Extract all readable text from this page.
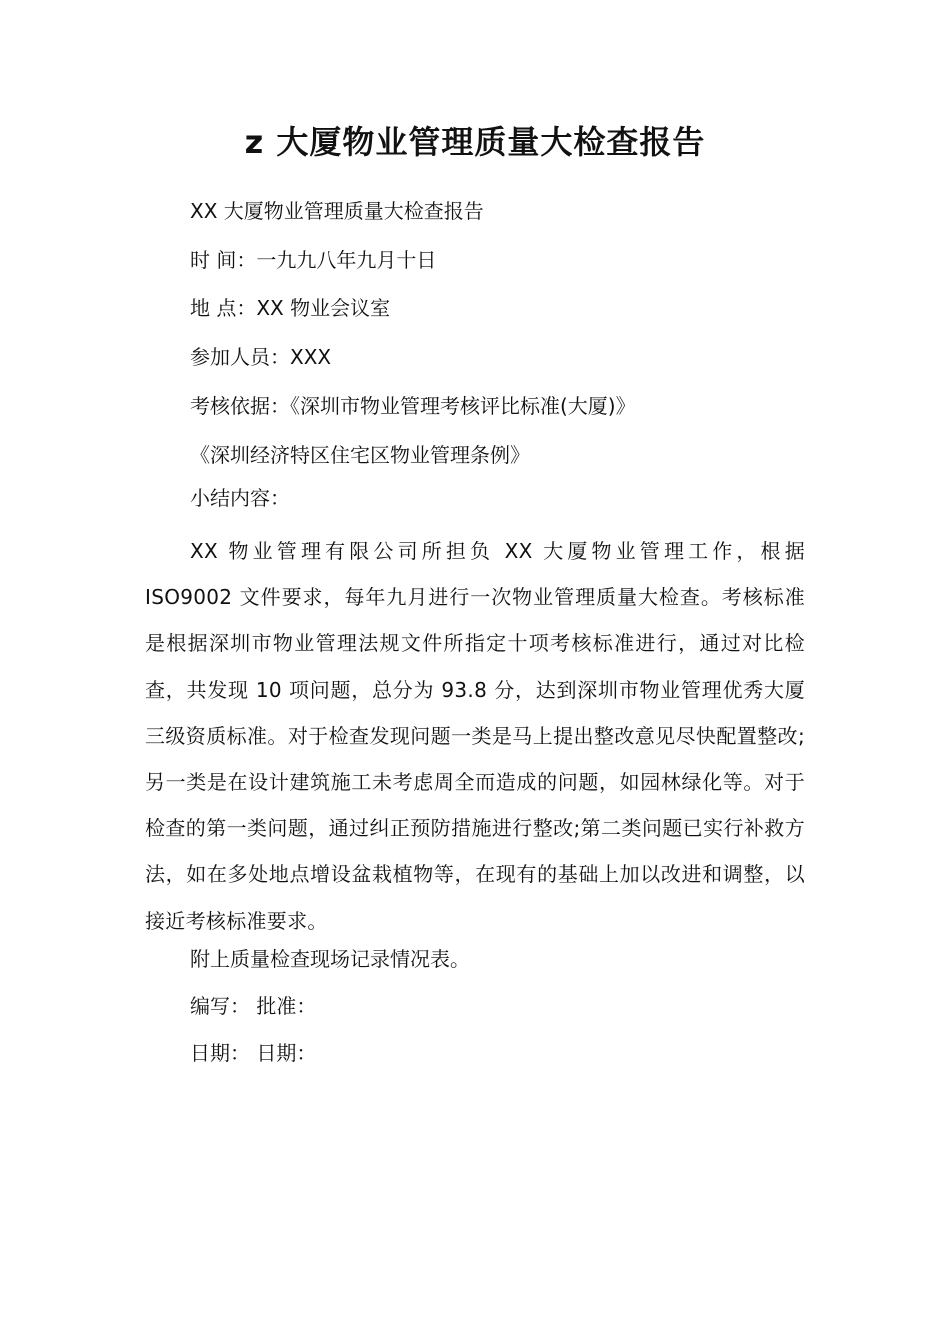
z 大厦物业管理质量大检查报告
XX 大厦物业管理质量大检查报告
时 间：一九九八年九月十日
地 点：XX 物业会议室
参加人员：XXX
考核依据：《深圳市物业管理考核评比标准(大厦)》
《深圳经济特区住宅区物业管理条例》
小结内容：
XX 物业管理有限公司所担负 XX 大厦物业管理工作，根据 ISO9002 文件要求，每年九月进行一次物业管理质量大检查。考核标准是根据深圳市物业管理法规文件所指定十项考核标准进行，通过对比检查，共发现 10 项问题，总分为 93.8 分，达到深圳市物业管理优秀大厦三级资质标准。对于检查发现问题一类是马上提出整改意见尽快配置整改;另一类是在设计建筑施工未考虑周全而造成的问题，如园林绿化等。对于检查的第一类问题，通过纠正预防措施进行整改;第二类问题已实行补救方法，如在多处地点增设盆栽植物等，在现有的基础上加以改进和调整，以接近考核标准要求。
附上质量检查现场记录情况表。
编写： 批准：
日期： 日期：
